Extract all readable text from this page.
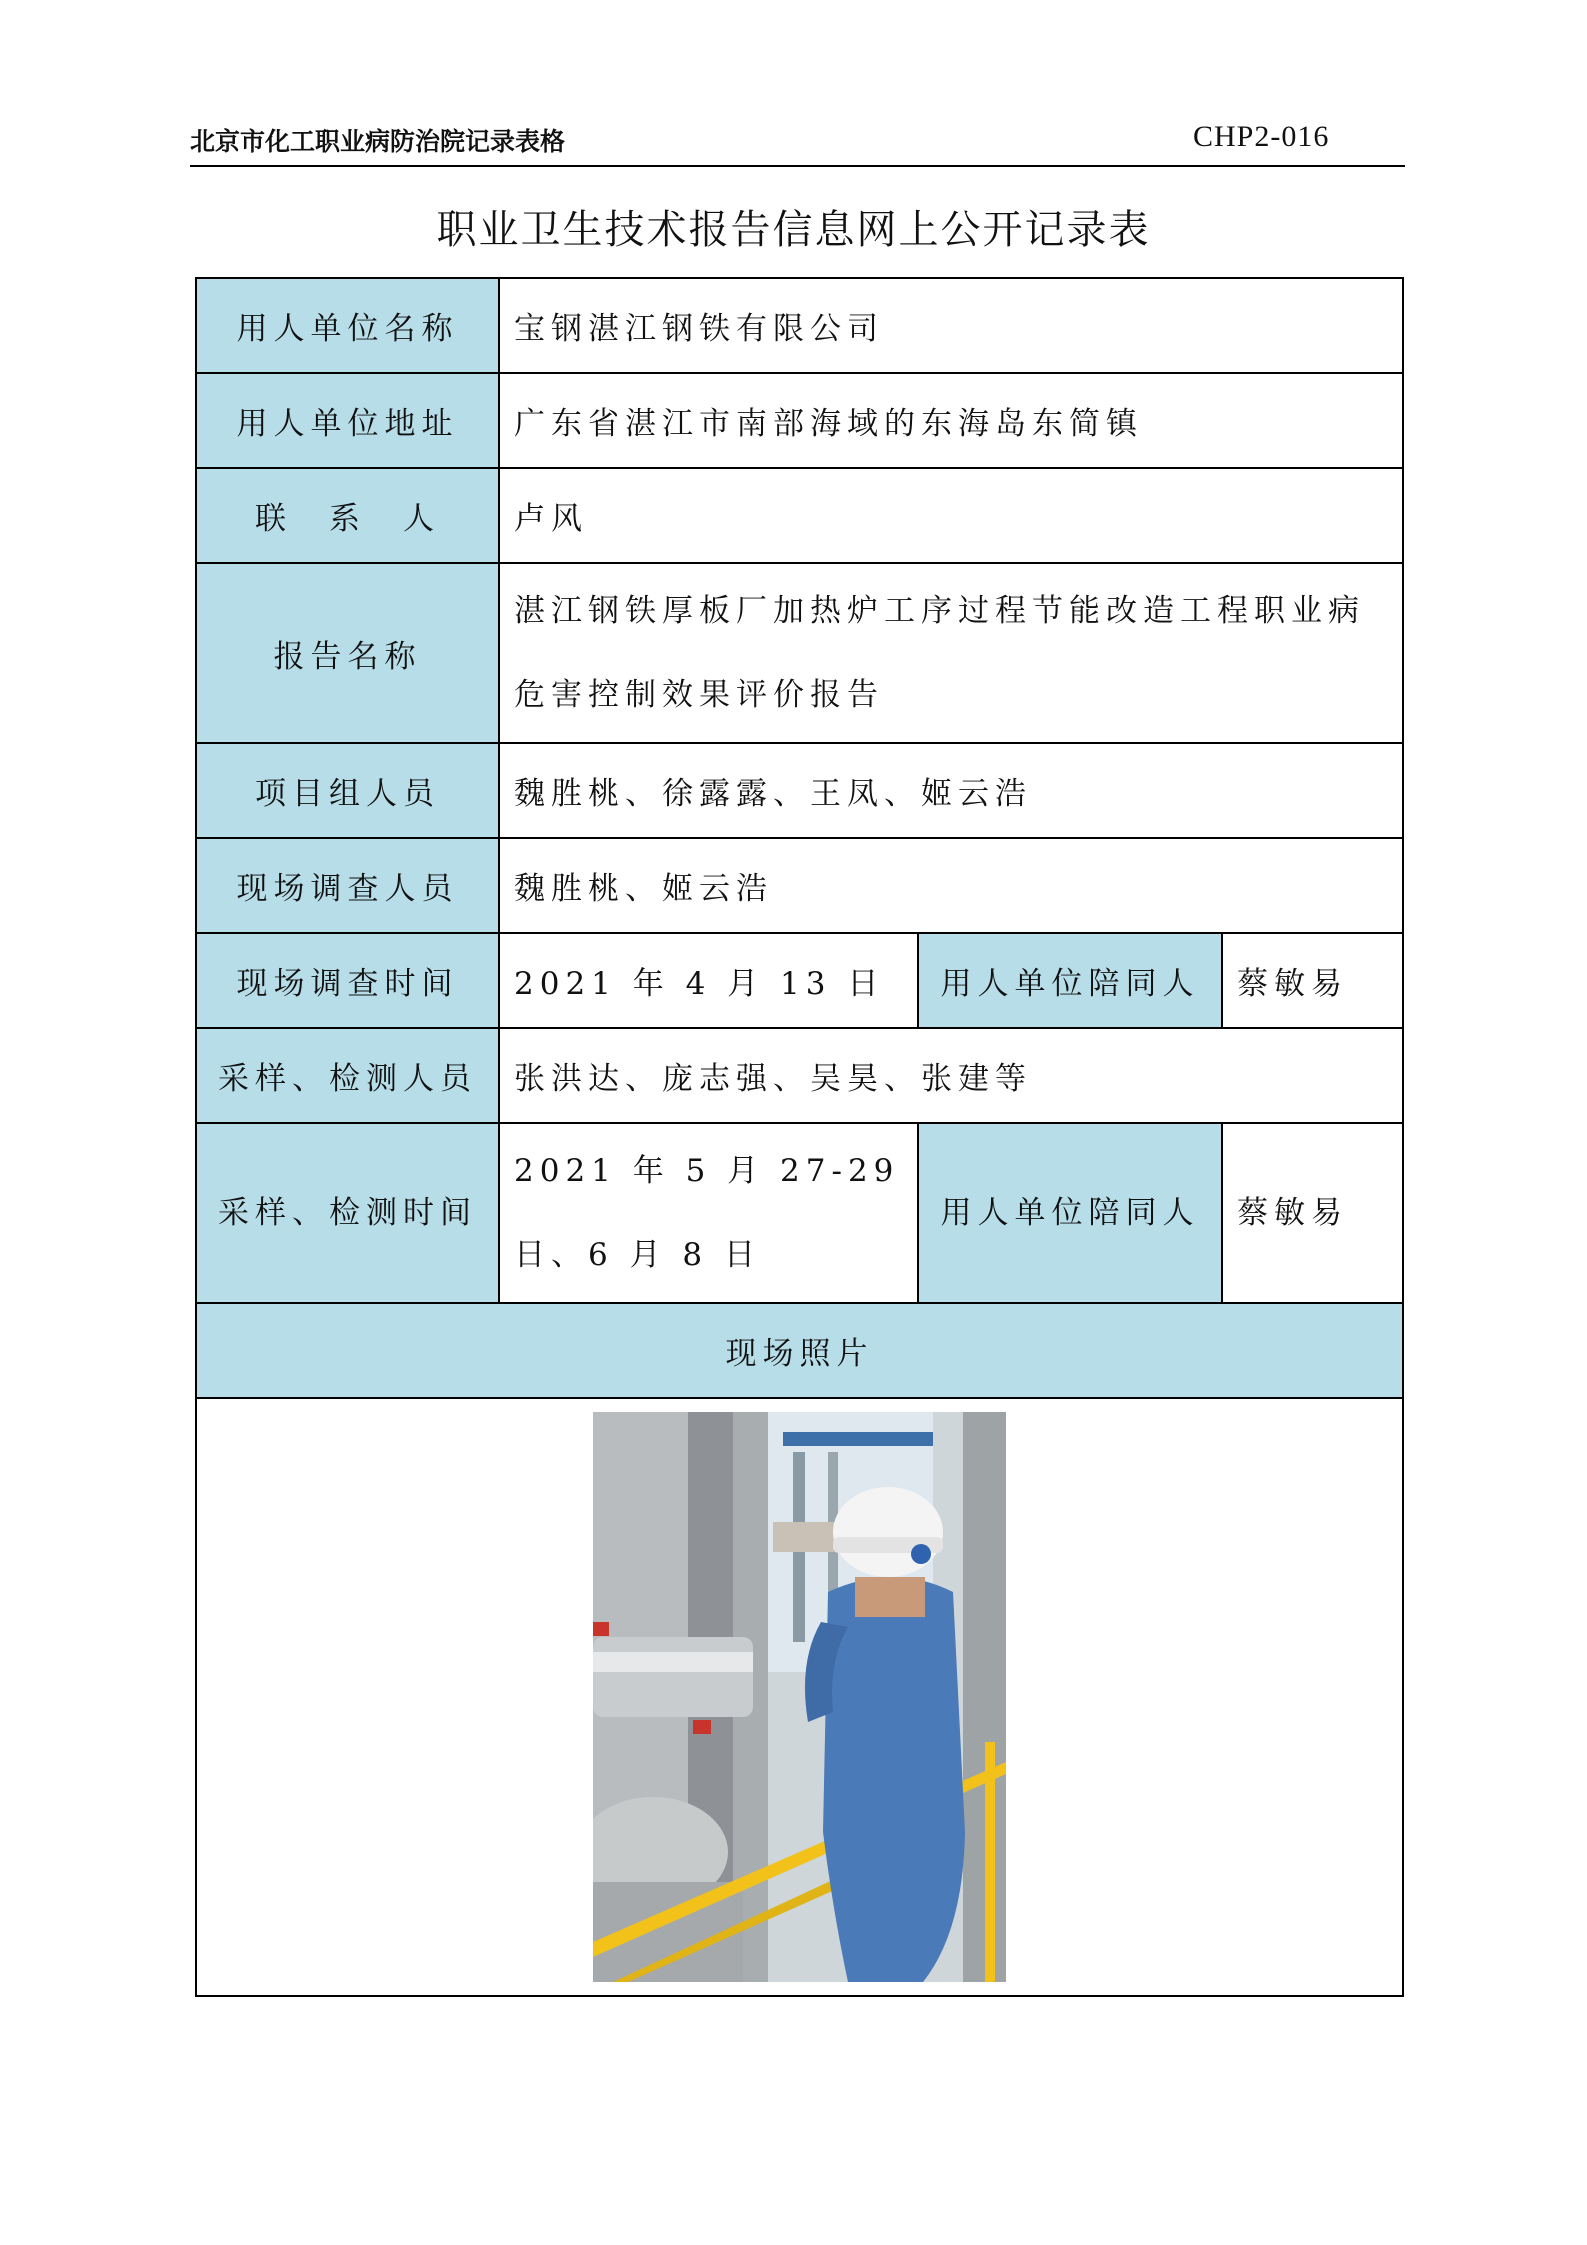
北京市化工职业病防治院记录表格	CHP2-016
职业卫生技术报告信息网上公开记录表
用人单位名称	宝钢湛江钢铁有限公司		
用人单位地址	广东省湛江市南部海域的东海岛东简镇		
联　系　人	卢风		
报告名称	湛江钢铁厚板厂加热炉工序过程节能改造工程职业病危害控制效果评价报告		
项目组人员	魏胜桃、徐露露、王凤、姬云浩		
现场调查人员	魏胜桃、姬云浩		
现场调查时间	2021 年 4 月 13 日	用人单位陪同人	蔡敏易
采样、检测人员	张洪达、庞志强、吴昊、张建等		
采样、检测时间	2021 年 5 月 27-29 日、6 月 8 日	用人单位陪同人	蔡敏易
现场照片			
